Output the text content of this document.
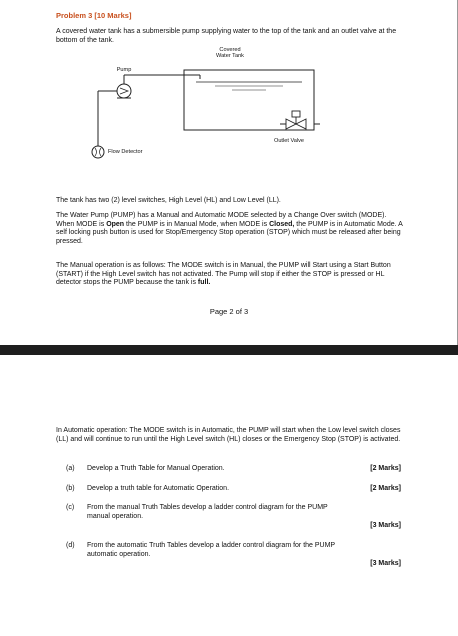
Problem 3 [10 Marks]
A covered water tank has a submersible pump supplying water to the top of the tank and an outlet valve at the bottom of the tank.
Covered
Water Tank
Pump
Outlet Valve
Flow Detector
The tank has two (2) level switches, High Level (HL) and Low Level (LL).
The Water Pump (PUMP) has a Manual and Automatic MODE selected by a Change Over switch (MODE). When MODE is Open the PUMP is in Manual Mode, when MODE is Closed, the PUMP is in Automatic Mode. A self locking push button is used for Stop/Emergency Stop operation (STOP) which must be released after being pressed.
The Manual operation is as follows: The MODE switch is in Manual, the PUMP will Start using a Start Button (START) if the High Level switch has not activated. The Pump will stop if either the STOP is pressed or HL detector stops the PUMP because the tank is full.
Page 2 of 3
In Automatic operation: The MODE switch is in Automatic, the PUMP will start when the Low level switch closes (LL) and will continue to run until the High Level switch (HL) closes or the Emergency Stop (STOP) is activated.
(a) Develop a Truth Table for Manual Operation.	[2 Marks]
(b) Develop a truth table for Automatic Operation.	[2 Marks]
(c) From the manual Truth Tables develop a ladder control diagram for the PUMP manual operation.
[3 Marks]
(d) From the automatic Truth Tables develop a ladder control diagram for the PUMP automatic operation.
[3 Marks]
